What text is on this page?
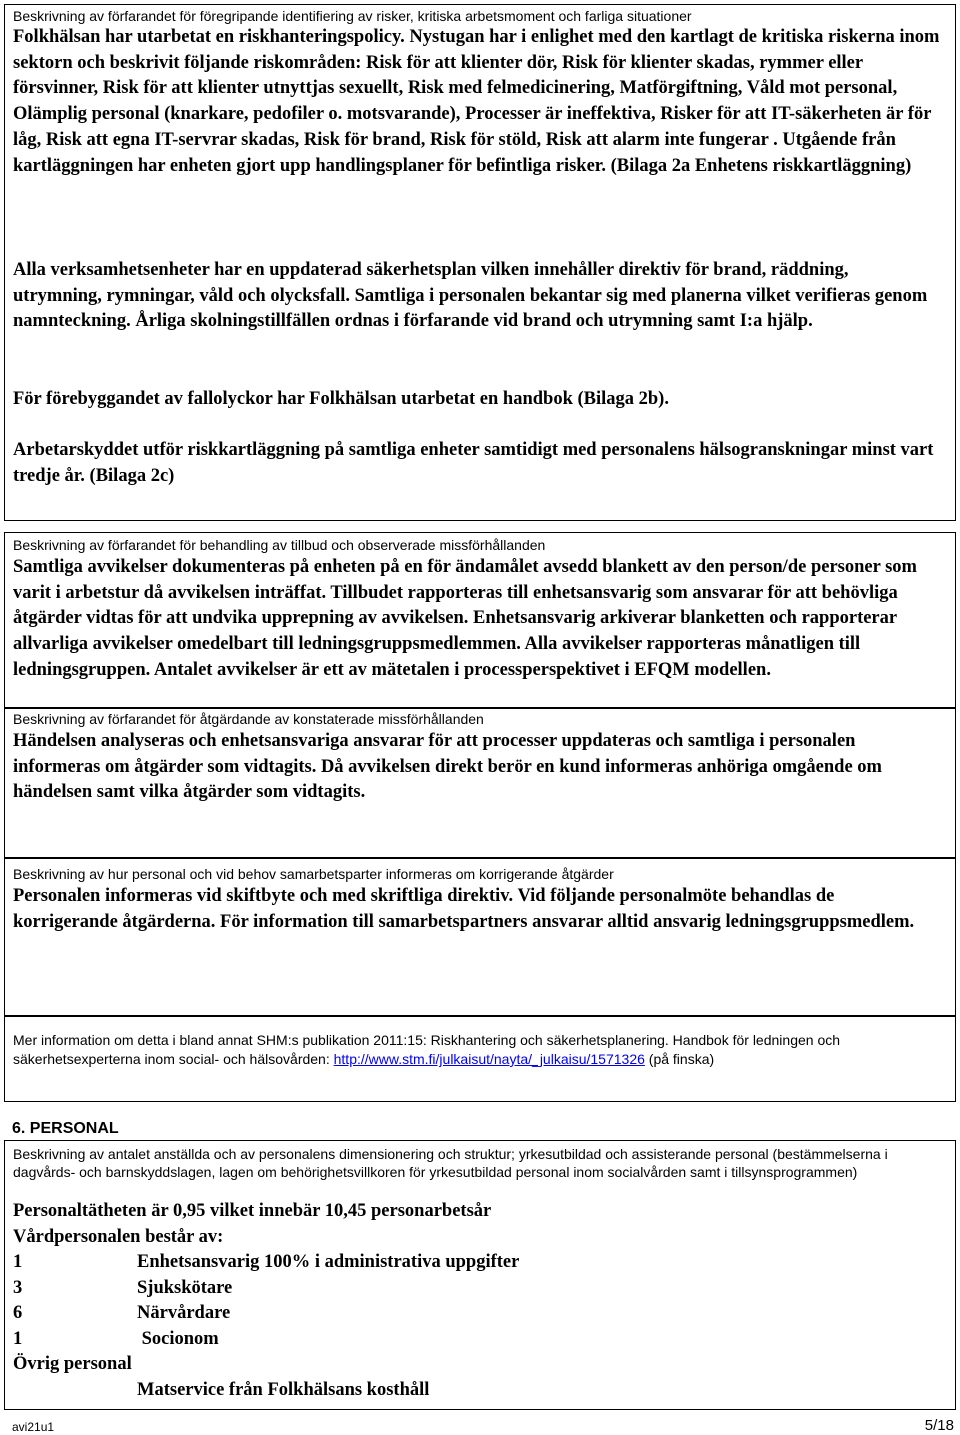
Beskrivning av förfarandet för föregripande identifiering av risker, kritiska arbetsmoment och farliga situationer
Folkhälsan har utarbetat en riskhanteringspolicy. Nystugan har i enlighet med den kartlagt de kritiska riskerna inom sektorn och beskrivit följande riskområden: Risk för att klienter dör, Risk för klienter skadas, rymmer eller försvinner, Risk för att klienter utnyttjas sexuellt, Risk med felmedicinering, Matförgiftning, Våld mot personal, Olämplig personal (knarkare, pedofiler o. motsvarande), Processer är ineffektiva, Risker för att IT-säkerheten är för låg, Risk att egna IT-servrar skadas, Risk för brand, Risk för stöld, Risk att alarm inte fungerar . Utgående från kartläggningen har enheten gjort upp handlingsplaner för befintliga risker. (Bilaga 2a Enhetens riskkartläggning)
Alla verksamhetsenheter har en uppdaterad säkerhetsplan vilken innehåller direktiv för brand, räddning, utrymning, rymningar, våld och olycksfall. Samtliga i personalen bekantar sig med planerna vilket verifieras genom namnteckning. Årliga skolningstillfällen ordnas i förfarande vid brand och utrymning samt I:a hjälp.
För förebyggandet av fallolyckor har Folkhälsan utarbetat en handbok (Bilaga 2b).
Arbetarskyddet utför riskkartläggning på samtliga enheter samtidigt med personalens hälsogranskningar minst vart tredje år. (Bilaga 2c)
Beskrivning av förfarandet för behandling av tillbud och observerade missförhållanden
Samtliga avvikelser dokumenteras på enheten på en för ändamålet avsedd blankett av den person/de personer som varit i arbetstur då avvikelsen inträffat. Tillbudet rapporteras till enhetsansvarig som ansvarar för att behövliga åtgärder vidtas för att undvika upprepning av avvikelsen. Enhetsansvarig arkiverar blanketten och rapporterar allvarliga avvikelser omedelbart till ledningsgruppsmedlemmen. Alla avvikelser rapporteras månatligen till ledningsgruppen. Antalet avvikelser är ett av mätetalen i processperspektivet i EFQM modellen.
Beskrivning av förfarandet för åtgärdande av konstaterade missförhållanden
Händelsen analyseras och enhetsansvariga ansvarar för att processer uppdateras och samtliga i personalen informeras om åtgärder som vidtagits. Då avvikelsen direkt berör en kund informeras anhöriga omgående om händelsen samt vilka åtgärder som vidtagits.
Beskrivning av hur personal och vid behov samarbetsparter informeras om korrigerande åtgärder
Personalen informeras vid skiftbyte och med skriftliga direktiv. Vid följande personalmöte behandlas de korrigerande åtgärderna. För information till samarbetspartners ansvarar alltid ansvarig ledningsgruppsmedlem.
Mer information om detta i bland annat SHM:s publikation 2011:15: Riskhantering och säkerhetsplanering. Handbok för ledningen och säkerhetsexperterna inom social- och hälsovården: http://www.stm.fi/julkaisut/nayta/_julkaisu/1571326 (på finska)
6. PERSONAL
Beskrivning av antalet anställda och av personalens dimensionering och struktur; yrkesutbildad och assisterande personal (bestämmelserna i dagvårds- och barnskyddslagen, lagen om behörighetsvillkoren för yrkesutbildad personal inom socialvården samt i tillsynsprogrammen)
Personaltätheten är 0,95 vilket innebär 10,45 personarbetsår
Vårdpersonalen består av:
1	Enhetsansvarig 100% i administrativa uppgifter
3	Sjukskötare
6	Närvårdare
1	Socionom
Övrig personal
Matservice från Folkhälsans kosthåll
avi21u1	5/18
